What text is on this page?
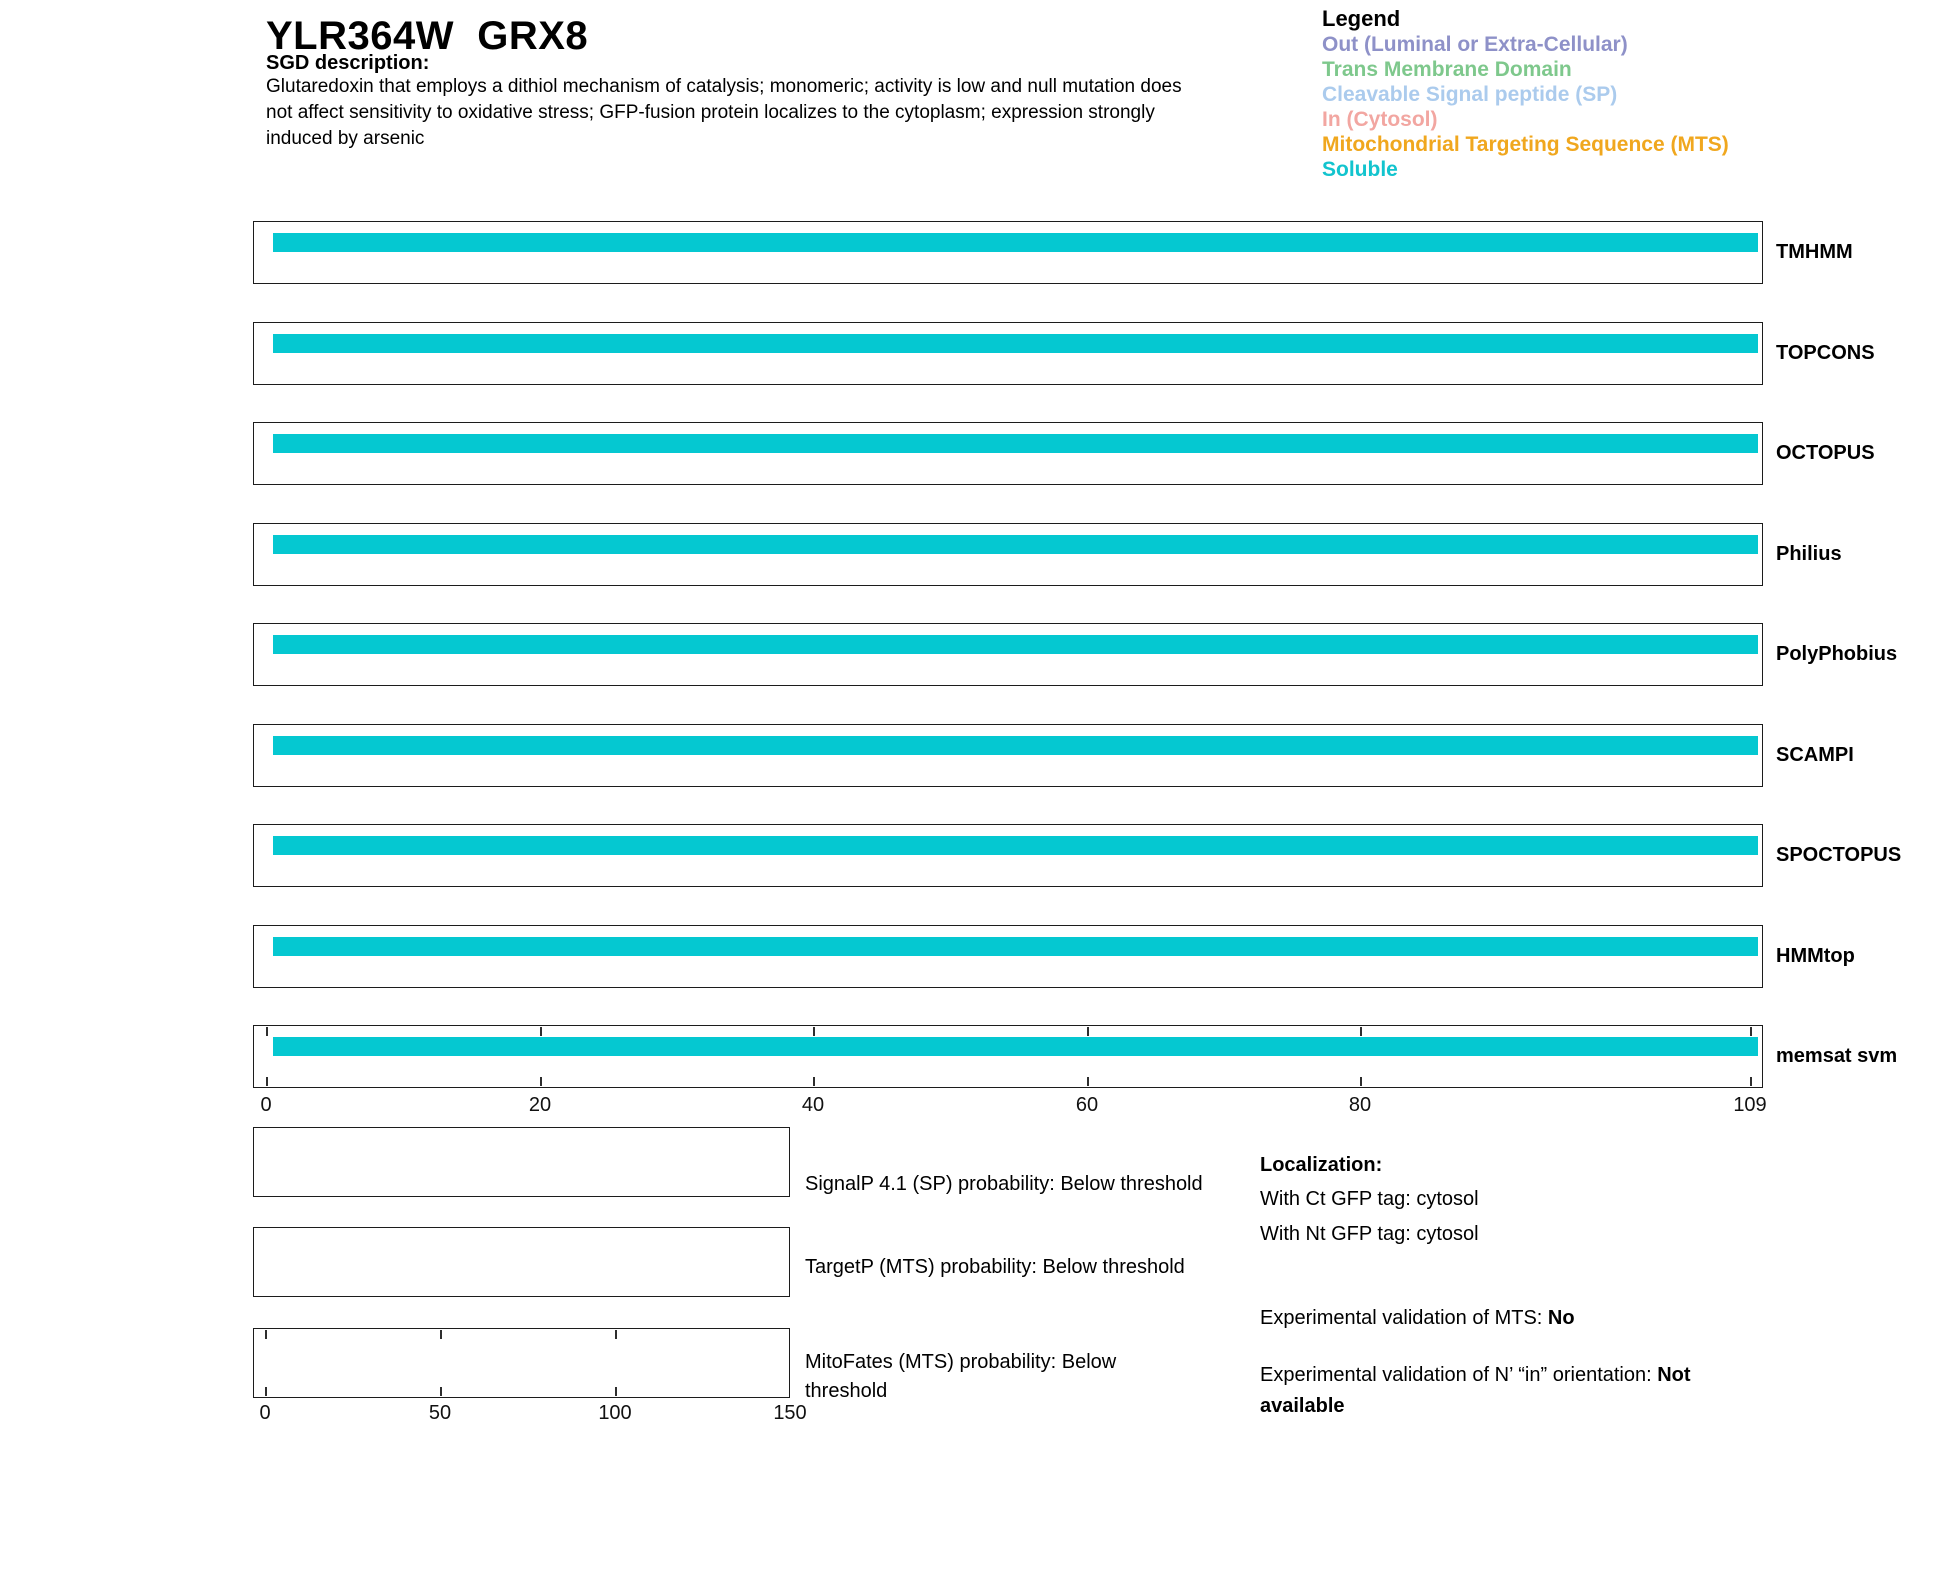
YLR364W  GRX8
SGD description:
Glutaredoxin that employs a dithiol mechanism of catalysis; monomeric; activity is low and null mutation does
not affect sensitivity to oxidative stress; GFP-fusion protein localizes to the cytoplasm; expression strongly
induced by arsenic
Legend
Out (Luminal or Extra-Cellular)
Trans Membrane Domain
Cleavable Signal peptide (SP)
In (Cytosol)
Mitochondrial Targeting Sequence (MTS)
Soluble
TMHMM
TOPCONS
OCTOPUS
Philius
PolyPhobius
SCAMPI
SPOCTOPUS
HMMtop
memsat svm
0	20	40	60	80	109
0	50	100	150
SignalP 4.1 (SP) probability: Below threshold
TargetP (MTS) probability: Below threshold
MitoFates (MTS) probability: Below threshold
Localization:
With Ct GFP tag: cytosol
With Nt GFP tag: cytosol
Experimental validation of MTS: No
Experimental validation of N’ “in” orientation: Not available
